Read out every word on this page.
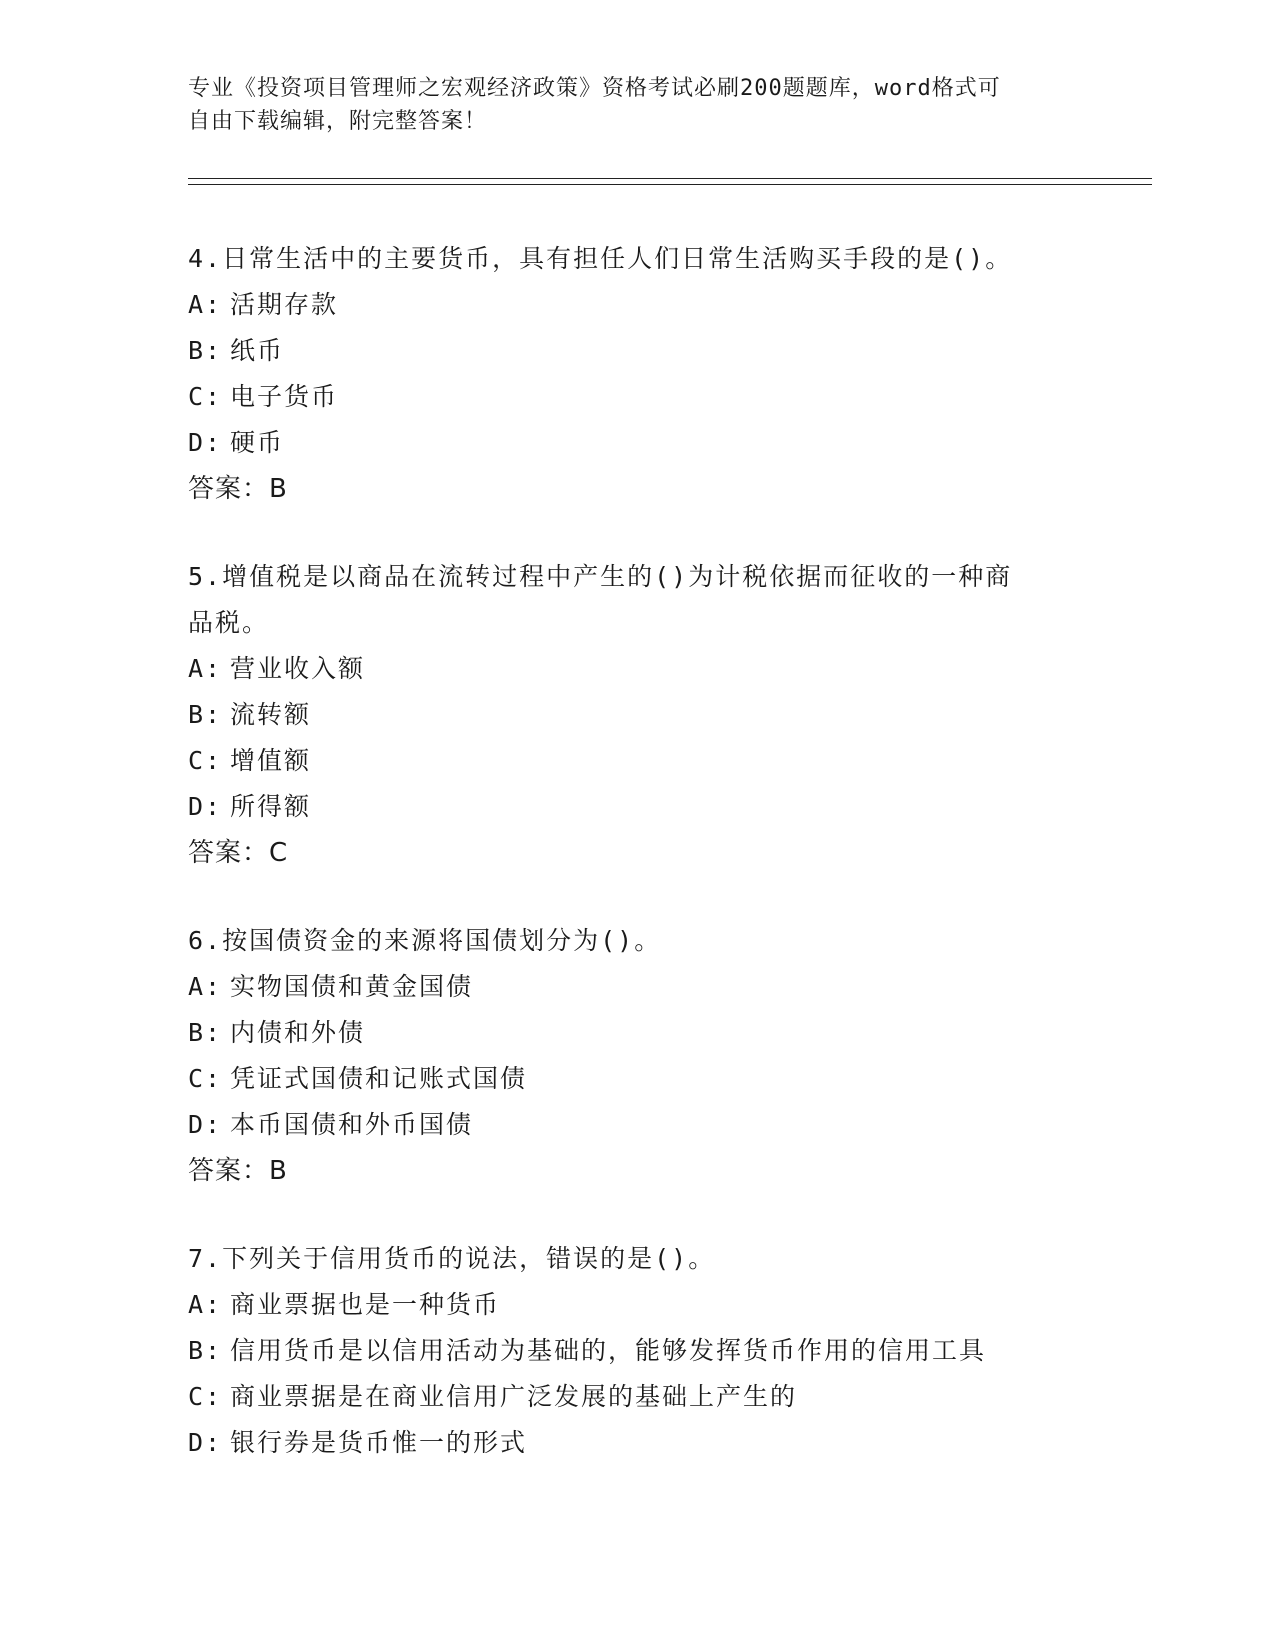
专业《投资项目管理师之宏观经济政策》资格考试必刷200题题库，word格式可
自由下载编辑，附完整答案！

4.日常生活中的主要货币，具有担任人们日常生活购买手段的是()。

A: 活期存款

B: 纸币

C: 电子货币

D: 硬币

答案：B

5.增值税是以商品在流转过程中产生的()为计税依据而征收的一种商

品税。

A: 营业收入额

B: 流转额

C: 增值额

D: 所得额

答案：C

6.按国债资金的来源将国债划分为()。

A: 实物国债和黄金国债

B: 内债和外债

C: 凭证式国债和记账式国债

D: 本币国债和外币国债

答案：B

7.下列关于信用货币的说法，错误的是()。

A: 商业票据也是一种货币

B: 信用货币是以信用活动为基础的，能够发挥货币作用的信用工具

C: 商业票据是在商业信用广泛发展的基础上产生的

D: 银行券是货币惟一的形式
